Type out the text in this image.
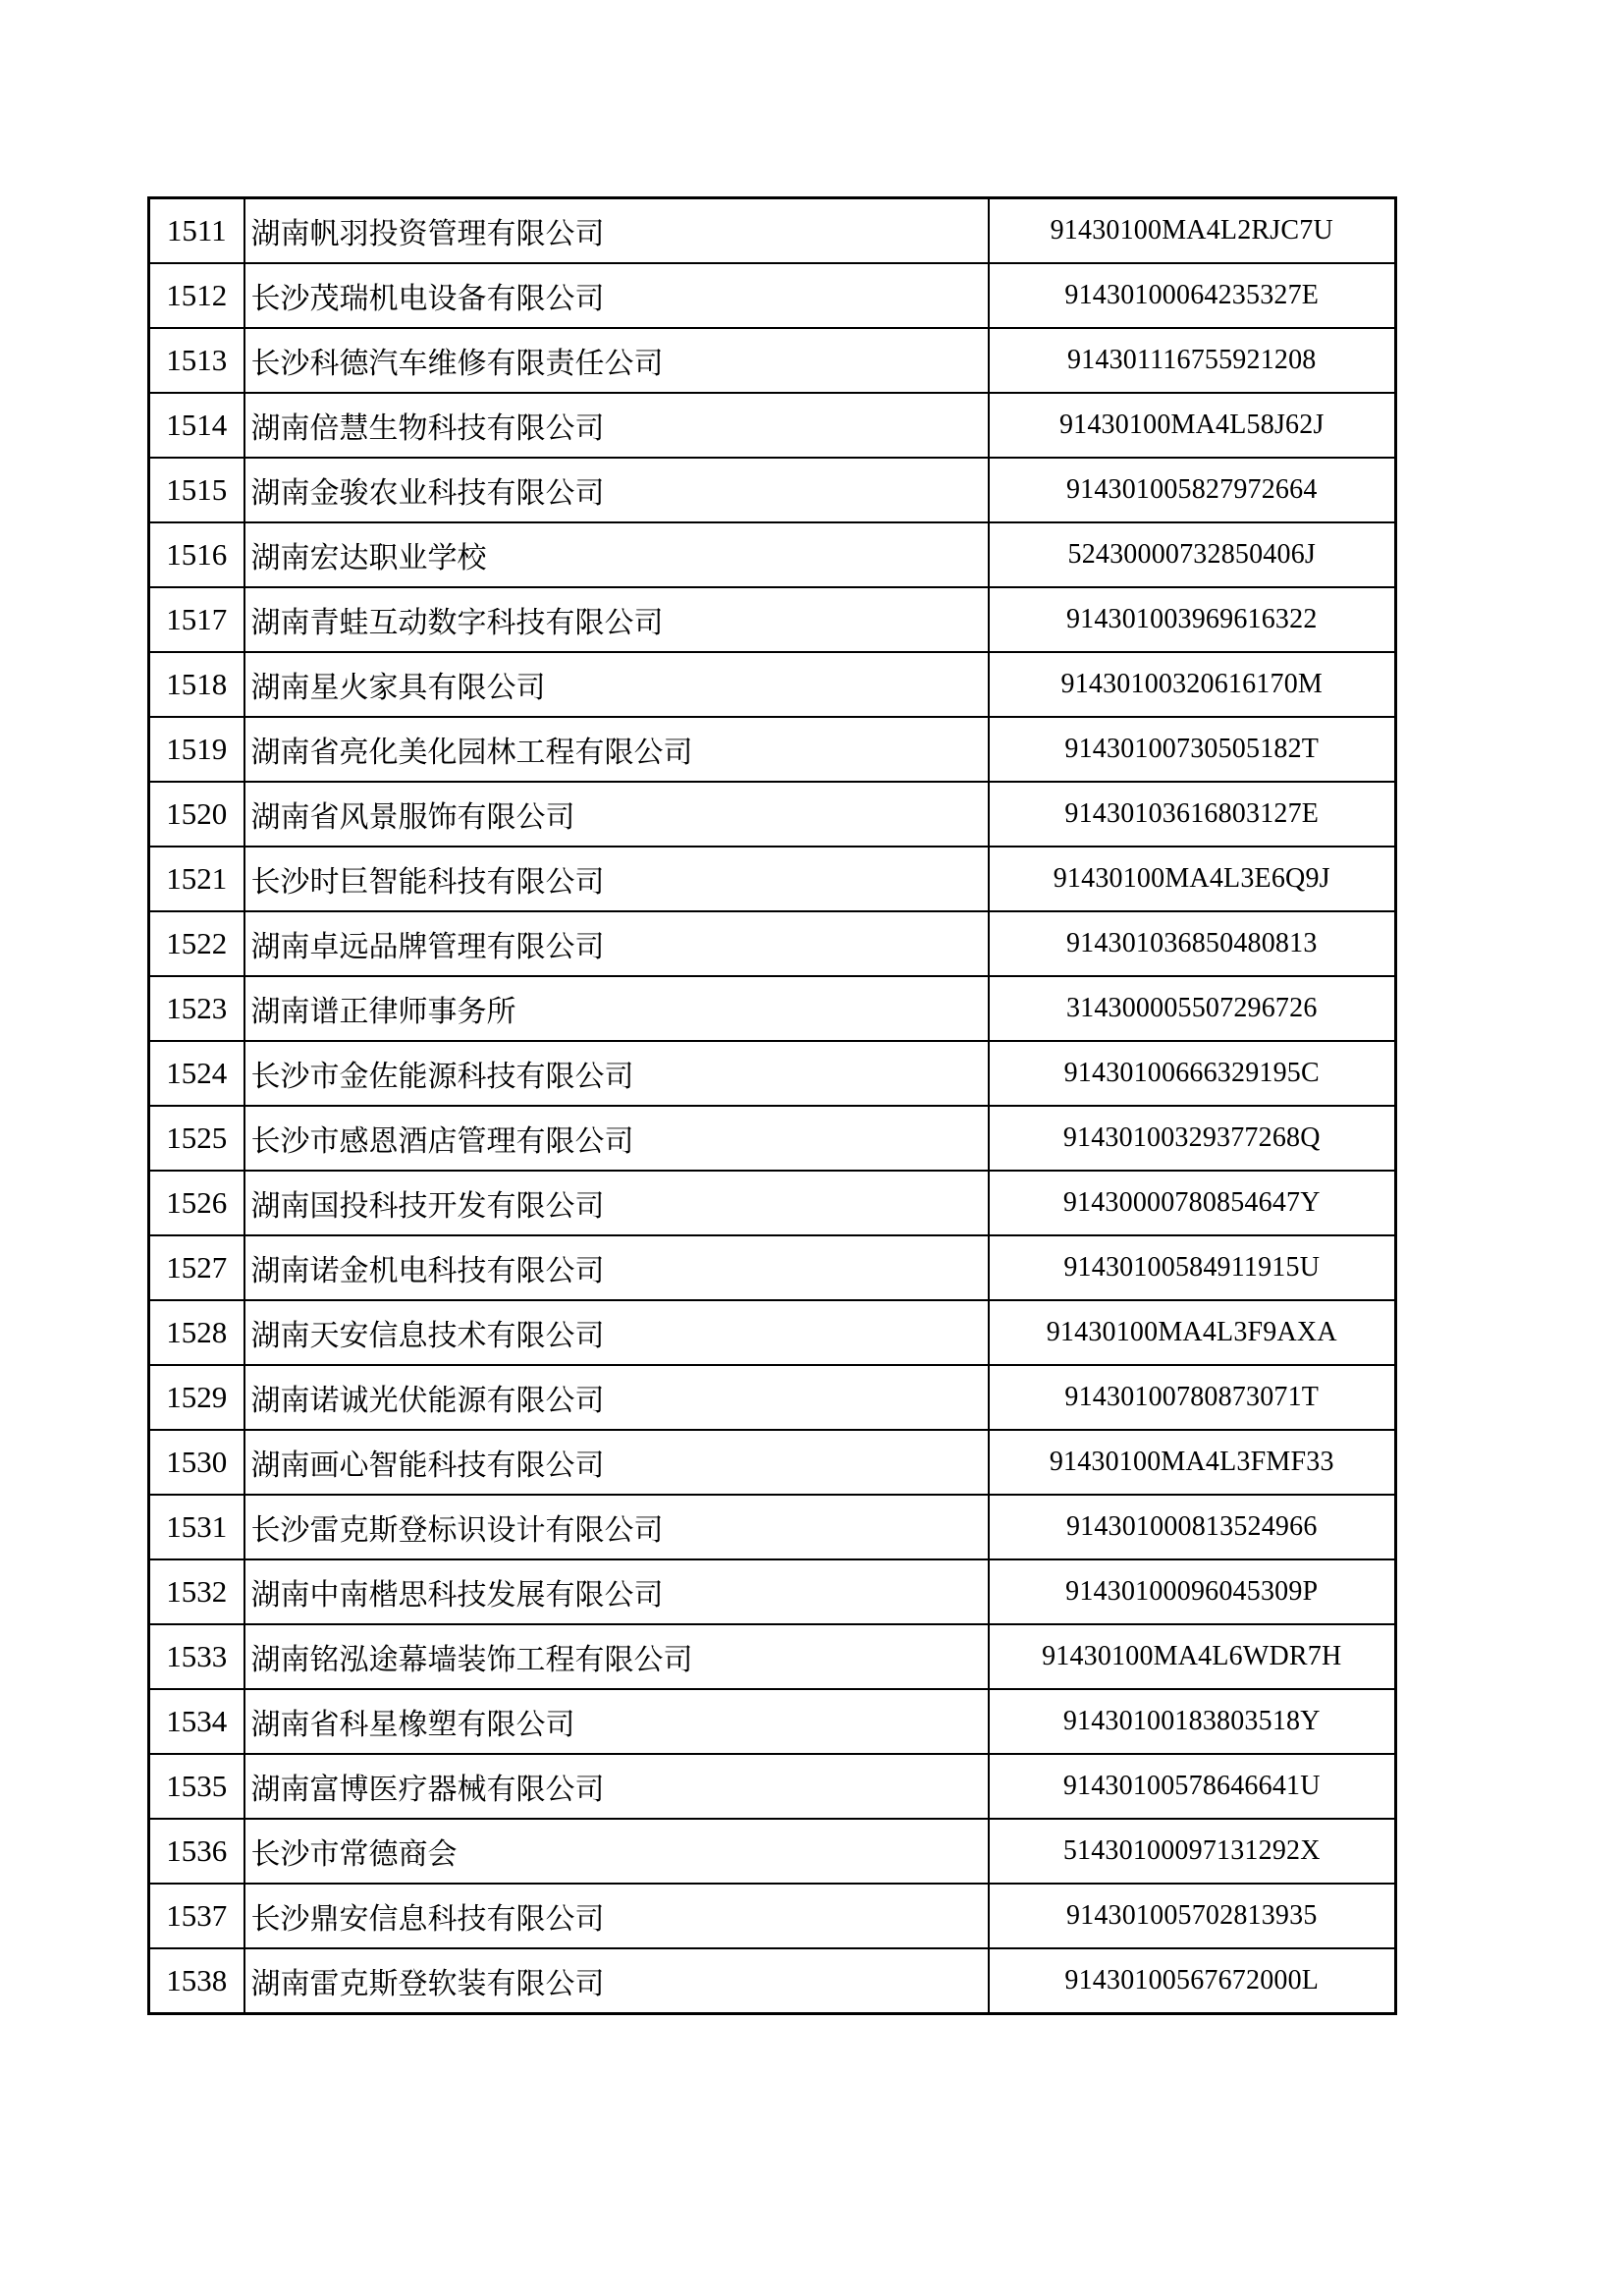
1511	湖南帆羽投资管理有限公司	91430100MA4L2RJC7U
1512	长沙茂瑞机电设备有限公司	91430100064235327E
1513	长沙科德汽车维修有限责任公司	914301116755921208
1514	湖南倍慧生物科技有限公司	91430100MA4L58J62J
1515	湖南金骏农业科技有限公司	914301005827972664
1516	湖南宏达职业学校	52430000732850406J
1517	湖南青蛙互动数字科技有限公司	914301003969616322
1518	湖南星火家具有限公司	91430100320616170M
1519	湖南省亮化美化园林工程有限公司	91430100730505182T
1520	湖南省风景服饰有限公司	91430103616803127E
1521	长沙时巨智能科技有限公司	91430100MA4L3E6Q9J
1522	湖南卓远品牌管理有限公司	914301036850480813
1523	湖南谱正律师事务所	314300005507296726
1524	长沙市金佐能源科技有限公司	91430100666329195C
1525	长沙市感恩酒店管理有限公司	91430100329377268Q
1526	湖南国投科技开发有限公司	91430000780854647Y
1527	湖南诺金机电科技有限公司	91430100584911915U
1528	湖南天安信息技术有限公司	91430100MA4L3F9AXA
1529	湖南诺诚光伏能源有限公司	91430100780873071T
1530	湖南画心智能科技有限公司	91430100MA4L3FMF33
1531	长沙雷克斯登标识设计有限公司	914301000813524966
1532	湖南中南楷思科技发展有限公司	91430100096045309P
1533	湖南铭泓途幕墙装饰工程有限公司	91430100MA4L6WDR7H
1534	湖南省科星橡塑有限公司	91430100183803518Y
1535	湖南富博医疗器械有限公司	91430100578646641U
1536	长沙市常德商会	51430100097131292X
1537	长沙鼎安信息科技有限公司	914301005702813935
1538	湖南雷克斯登软装有限公司	91430100567672000L
